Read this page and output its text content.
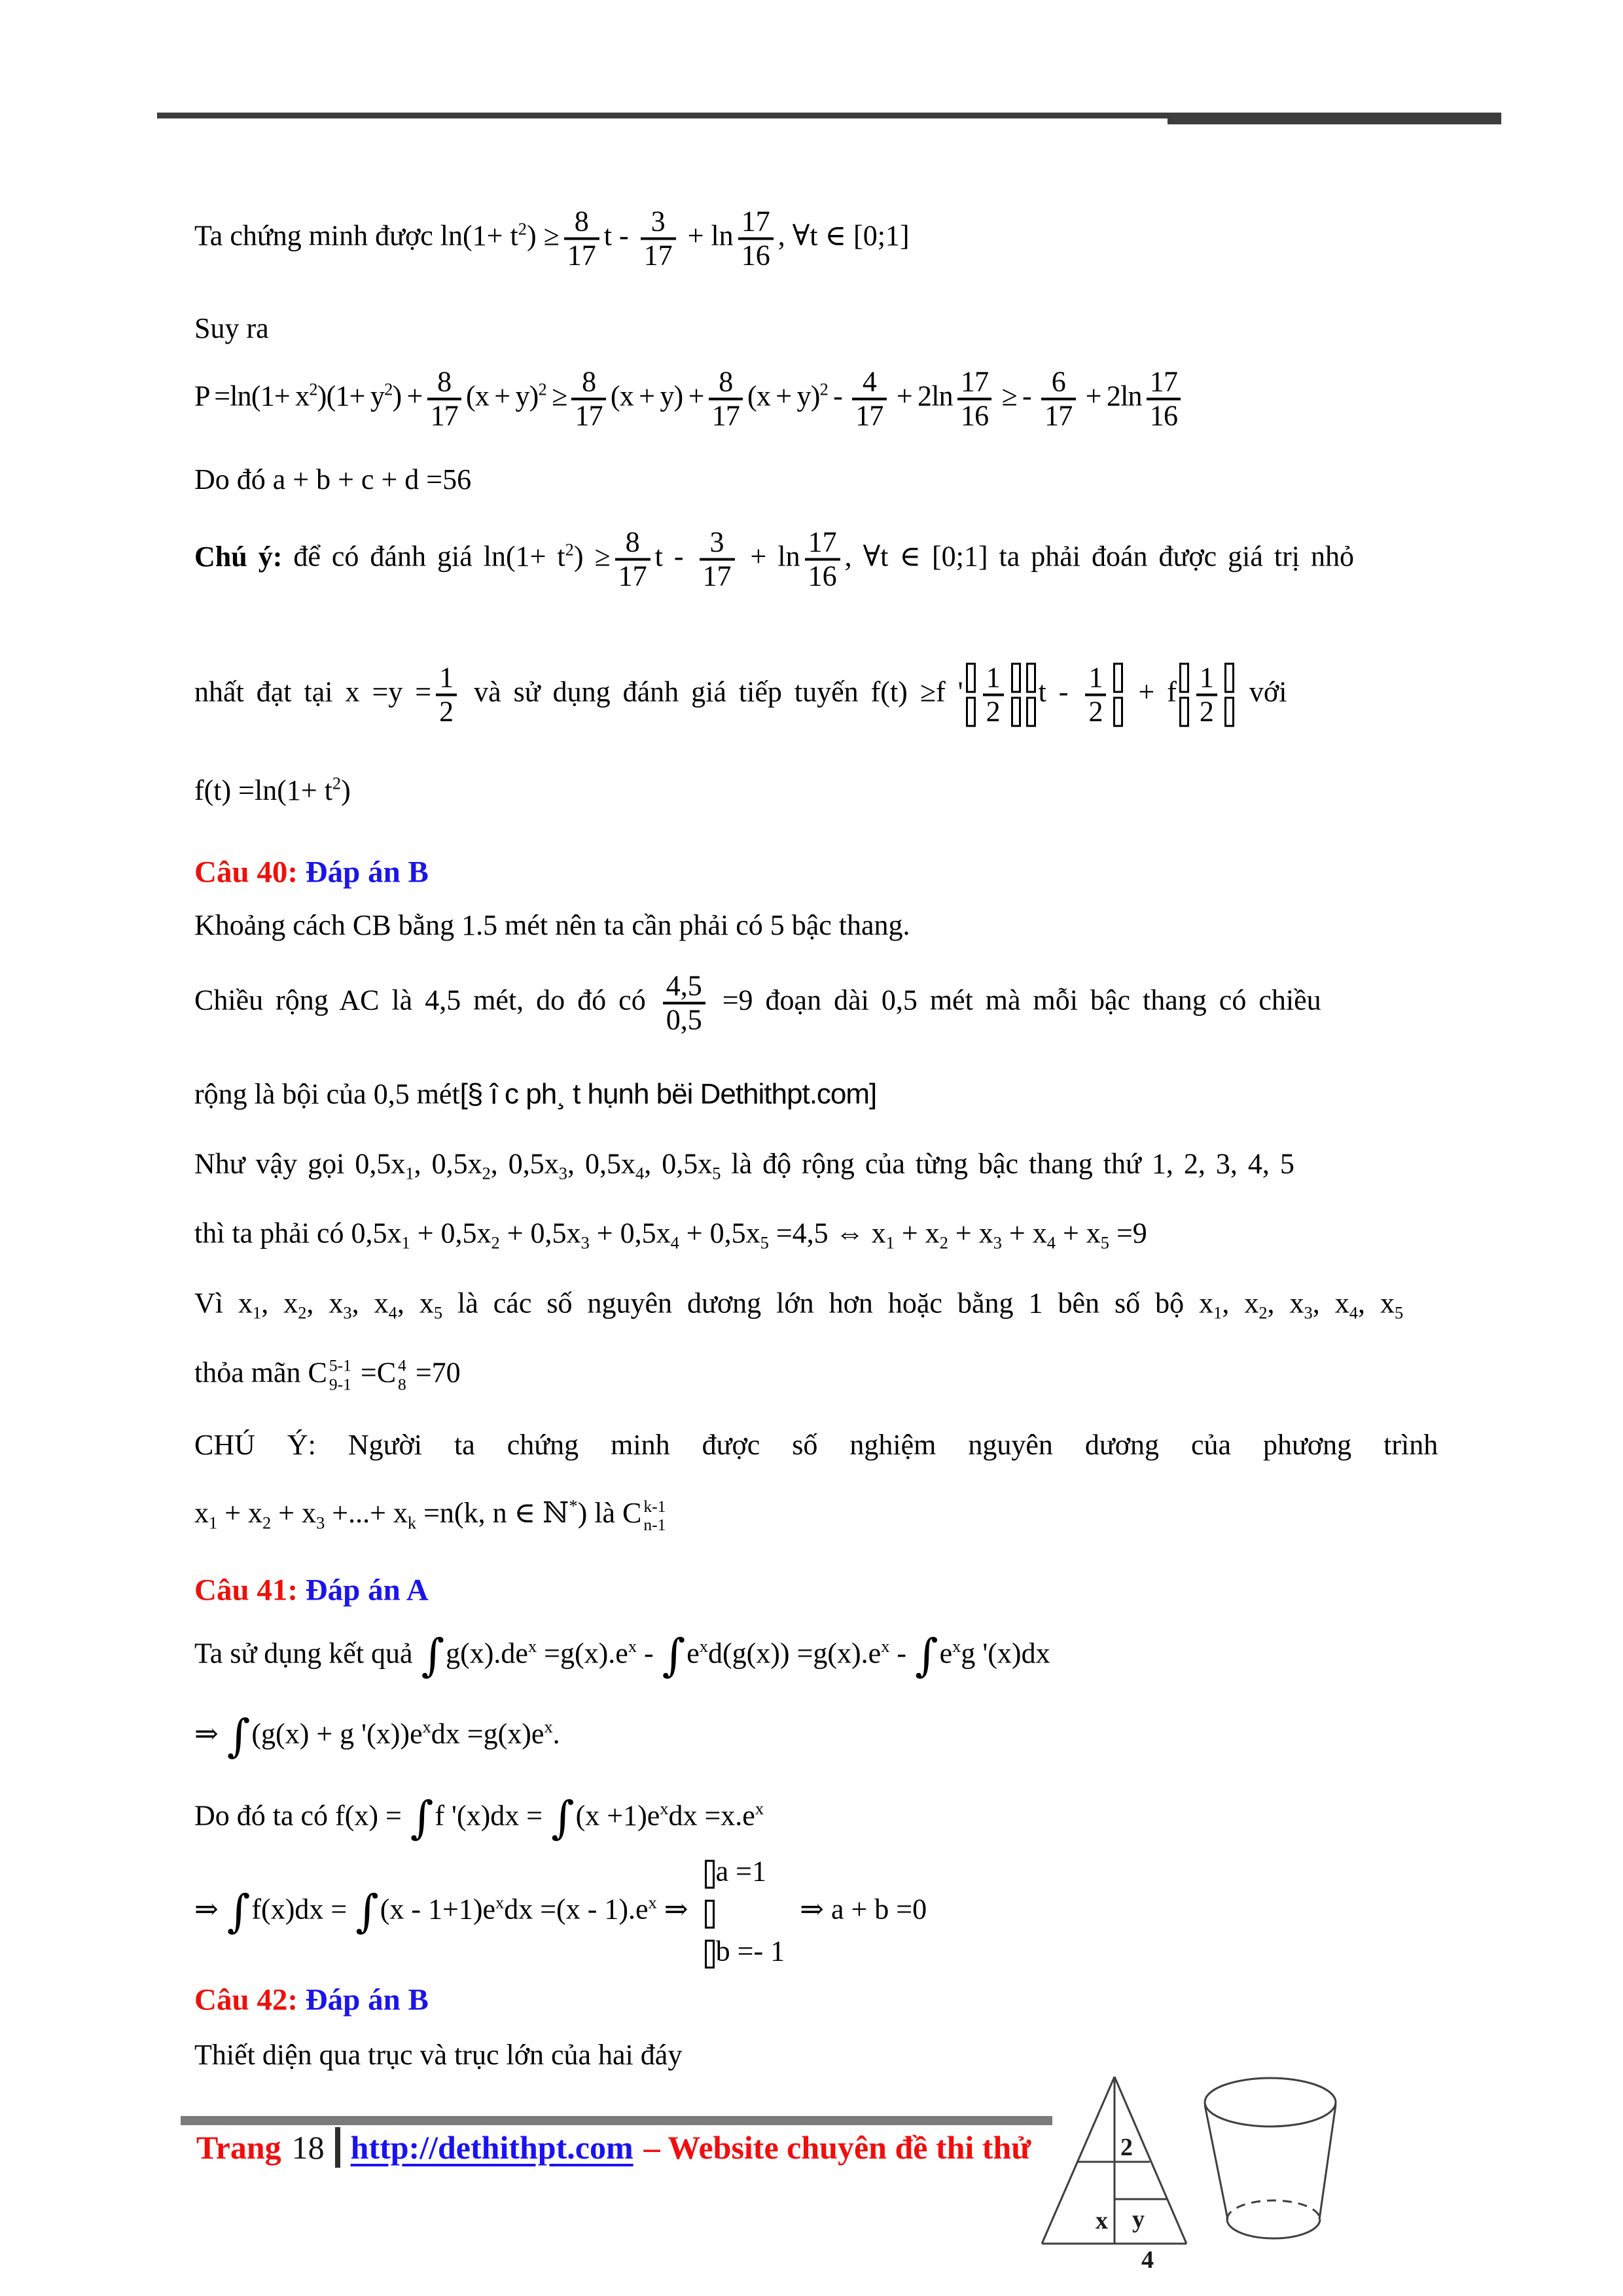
Ta chứng minh được $\ln(1+ t^2) \ge \frac{8}{17}$ $t - \frac{3}{17} + \ln \frac{17}{16}$ , ∀t ∈ [0;1]
Suy ra
$P =\ln(1+ x^2)(1+ y^2) + \frac{8}{17} (x + y)^2 \ge \frac{8}{17} (x + y) + \frac{8}{17} (x + y)^2 - \frac{4}{17} + 2\ln \frac{17}{16}$ ≥ - $\frac{6}{17} + 2\ln \frac{17}{16}$
Do đó a + b + c + d =56
Chú ý: để có đánh giá $\ln(1+ t^2) \ge \frac{8}{17}$ $t - \frac{3}{17} + \ln \frac{17}{16}$ , ∀t ∈ [0;1] ta phải đoán được giá trị nhỏ
nhất đạt tại $x =y = \frac{1}{2}$ và sử dụng đánh giá tiếp tuyến f(t) ≥f ' $\frac{1}{2}$ $t - \frac{1}{2} + f \frac{1}{2}$ với
$f(t) =\ln(1+ t^2)$
Câu 40: Đáp án B
Khoảng cách CB bằng 1.5 mét nên ta cần phải có 5 bậc thang.
Chiều rộng AC là 4,5 mét, do đó có $\frac{4,5}{0,5} =9$ đoạn dài 0,5 mét mà mỗi bậc thang có chiều
rộng là bội của 0,5 mét[§ î c ph¸ t hụnh bëi Dethithpt.com]
Như vậy gọi $0,5x_1$, $0,5x_2$, $0,5x_3$, $0,5x_4$, $0,5x_5$ là độ rộng của từng bậc thang thứ 1, 2, 3, 4, 5
thì ta phải có $0,5x_1 + 0,5x_2 + 0,5x_3 + 0,5x_4 + 0,5x_5 =4,5$ ⇔ $x_1 + x_2 + x_3 + x_4 + x_5 =9$
Vì $x_1$, $x_2$, $x_3$, $x_4$, $x_5$ là các số nguyên dương lớn hơn hoặc bằng 1 bên số bộ $x_1$, $x_2$, $x_3$, $x_4$, $x_5$
thỏa mãn C 5-1
9-1 =C 4
8 =70
CHÚ Ý: Người ta chứng minh được số nghiệm nguyên dương của phương trình
$x_1 + x_2 + x_3$ +...+ $x_k =n(k$, n ∈ ℕ*) là C k-1
n-1
Câu 41: Đáp án A
Ta sử dụng kết quả $\int g(x).de^x =g(x).e^x - \int e^xd(g(x)) =g(x).e^x - \int e^xg$ '(x)dx
⇒ ∫(g(x) + g '$(x))e^xdx =g(x)e^x$.
Do đó ta có f(x) = ∫f '$(x)dx = \int(x +1)e^xdx =x.e^x$
⇒ $\int f(x)dx = \int(x - 1+1)e^xdx =(x - 1).e^x$ ⇒
a =1
b =- 1
⇒ a + b =0
Câu 42: Đáp án B
Thiết diện qua trục và trục lớn của hai đáy
2
y
x
4
Trang 18 http://dethithpt.com – Website chuyên đề thi thử
